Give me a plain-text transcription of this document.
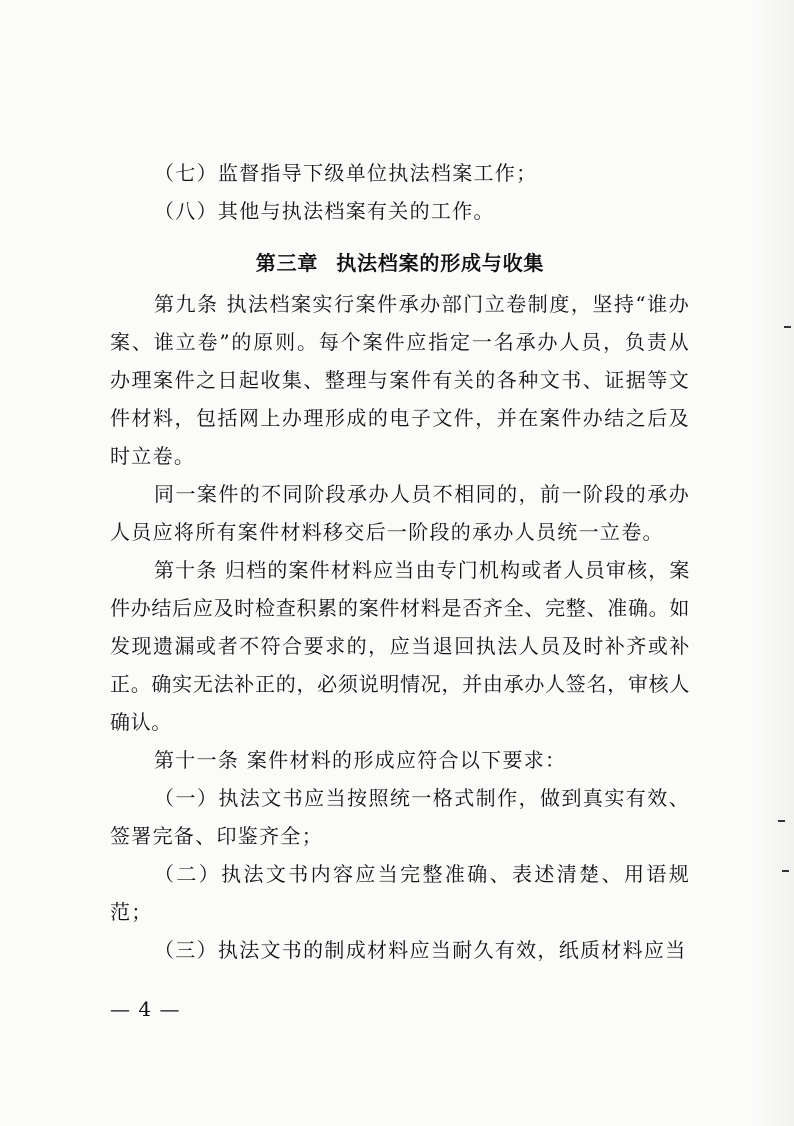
（七）监督指导下级单位执法档案工作；

（八）其他与执法档案有关的工作。

第三章 执法档案的形成与收集

第九条 执法档案实行案件承办部门立卷制度，坚持“谁办案、谁立卷”的原则。每个案件应指定一名承办人员，负责从办理案件之日起收集、整理与案件有关的各种文书、证据等文件材料，包括网上办理形成的电子文件，并在案件办结之后及时立卷。

同一案件的不同阶段承办人员不相同的，前一阶段的承办人员应将所有案件材料移交后一阶段的承办人员统一立卷。

第十条 归档的案件材料应当由专门机构或者人员审核，案件办结后应及时检查积累的案件材料是否齐全、完整、准确。如发现遗漏或者不符合要求的，应当退回执法人员及时补齐或补正。确实无法补正的，必须说明情况，并由承办人签名，审核人确认。

第十一条 案件材料的形成应符合以下要求：

（一）执法文书应当按照统一格式制作，做到真实有效、签署完备、印鉴齐全；

（二）执法文书内容应当完整准确、表述清楚、用语规范；

（三）执法文书的制成材料应当耐久有效，纸质材料应当

— 4 —
